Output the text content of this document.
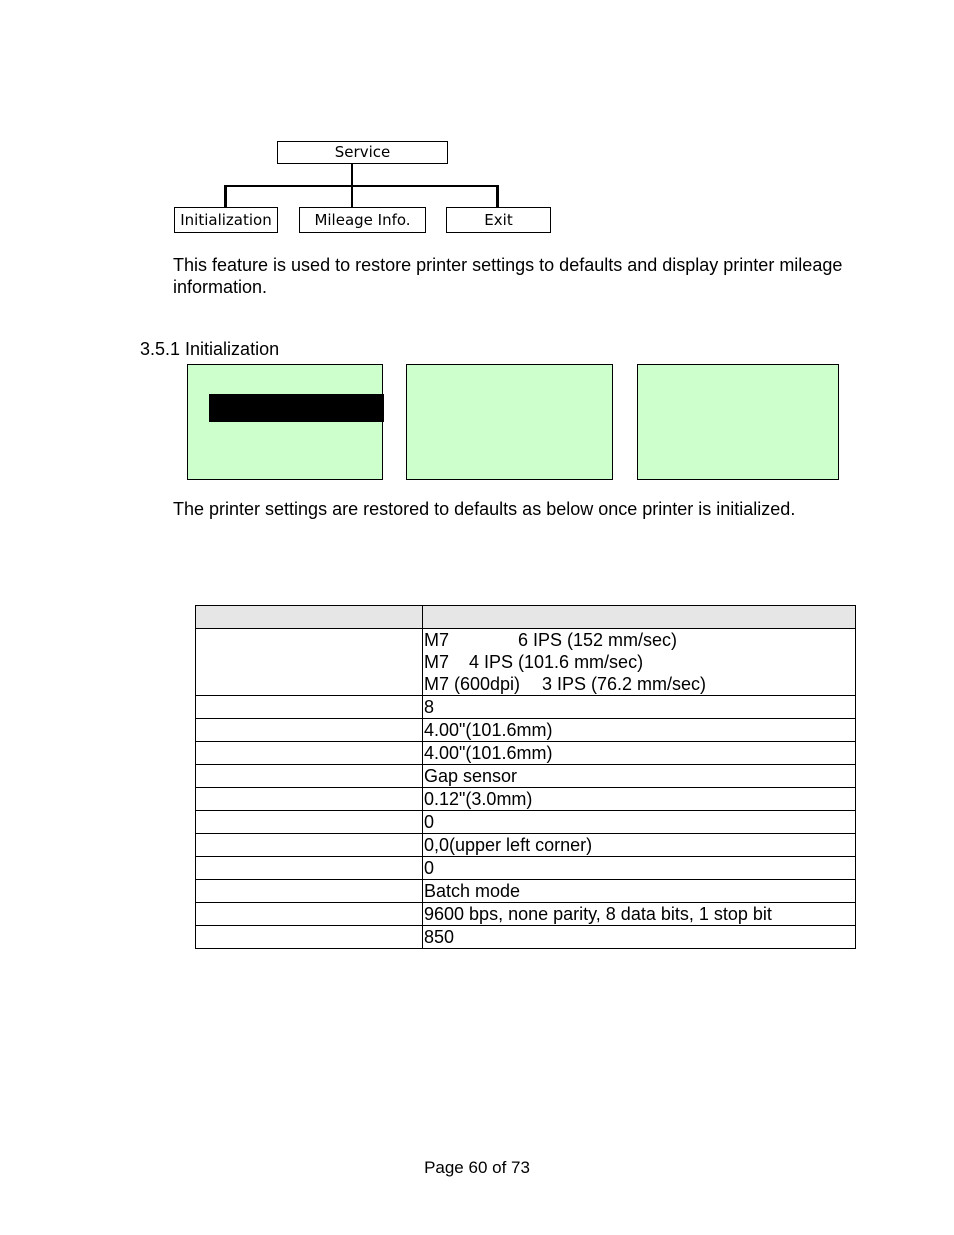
Service
Initialization	Mileage Info.	Exit
This feature is used to restore printer settings to defaults and display printer mileage information.
3.5.1 Initialization
The printer settings are restored to defaults as below once printer is initialized.

	M7 6 IPS (152 mm/sec)
M7 4 IPS (101.6 mm/sec)
M7 (600dpi) 3 IPS (76.2 mm/sec)

	8
	4.00"(101.6mm)
	4.00"(101.6mm)
	Gap sensor
	0.12"(3.0mm)
	0
	0,0(upper left corner)
	0
	Batch mode
	9600 bps, none parity, 8 data bits, 1 stop bit
	850
Page 60 of 73
